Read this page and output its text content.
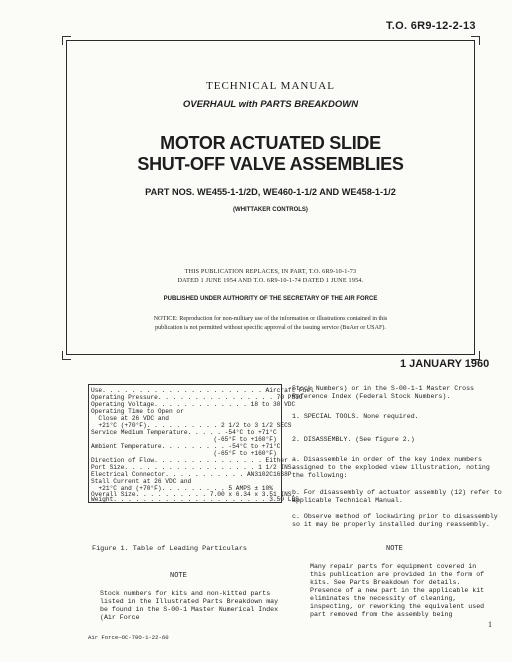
T.O. 6R9-12-2-13
TECHNICAL MANUAL
OVERHAUL with PARTS BREAKDOWN
MOTOR ACTUATED SLIDE
SHUT-OFF VALVE ASSEMBLIES
PART NOS. WE455-1-1/2D, WE460-1-1/2 AND WE458-1-1/2
(WHITTAKER CONTROLS)
THIS PUBLICATION REPLACES, IN PART, T.O. 6R9-10-1-73
DATED 1 JUNE 1954 AND T.O. 6R9-10-1-74 DATED 1 JUNE 1954.
PUBLISHED UNDER AUTHORITY OF THE SECRETARY OF THE AIR FORCE
NOTICE: Reproduction for non-military use of the information or illustrations contained in this
publication is not permitted without specific approval of the issuing service (BuAer or USAF).
1 JANUARY 1960
Use. . . . . . . . . . . . . . . . . . . . . . Aircraft Fuel
Operating Pressure. . . . . . . . . . . . . . . . 70 PSIG
Operating Voltage. . . . . . . . . . . . . 18 to 30 VDC
Operating Time to Open or
Close at 26 VDC and
+21°C (+70°F). . . . . . . . . . 2 1/2 to 3 1/2 SECS
Service Medium Temperature. . . . . -54°C to +71°C
(-65°F to +160°F)
Ambient Temperature. . . . . . . . . -54°C to +71°C
(-65°F to +160°F)
Direction of Flow. . . . . . . . . . . . . . . Either
Port Size. . . . . . . . . . . . . . . . . . 1 1/2 INS.
Electrical Connector. . . . . . . . . . . AN3102C16S8P
Stall Current at 26 VDC and
+21°C and (+70°F). . . . . . . . . 5 AMPS ± 10%
Overall Size. . . . . . . . . . 7.00 x 6.34 x 3.51 INS.
Weight. . . . . . . . . . . . . . . . . . . . . 3.50 LBS
Figure 1. Table of Leading Particulars
NOTE

Stock numbers for kits and non-kitted parts listed in the Illustrated Parts Breakdown may be found in the S-00-1 Master Numerical Index (Air Force

Stock Numbers) or in the S-00-1-1 Master Cross Reference Index (Federal Stock Numbers).

1. SPECIAL TOOLS. None required.

2. DISASSEMBLY. (See figure 2.)

a. Disassemble in order of the key index numbers assigned to the exploded view illustration, noting the following:

b. For disassembly of actuator assembly (12) refer to applicable Technical Manual.

c. Observe method of lockwiring prior to disassembly so it may be properly installed during reassembly.

NOTE

Many repair parts for equipment covered in this publication are provided in the form of kits. See Parts Breakdown for details. Presence of a new part in the applicable kit eliminates the necessity of cleaning, inspecting, or reworking the equivalent used part removed from the assembly being

Air Force—OC-70O-1-22-60
1
